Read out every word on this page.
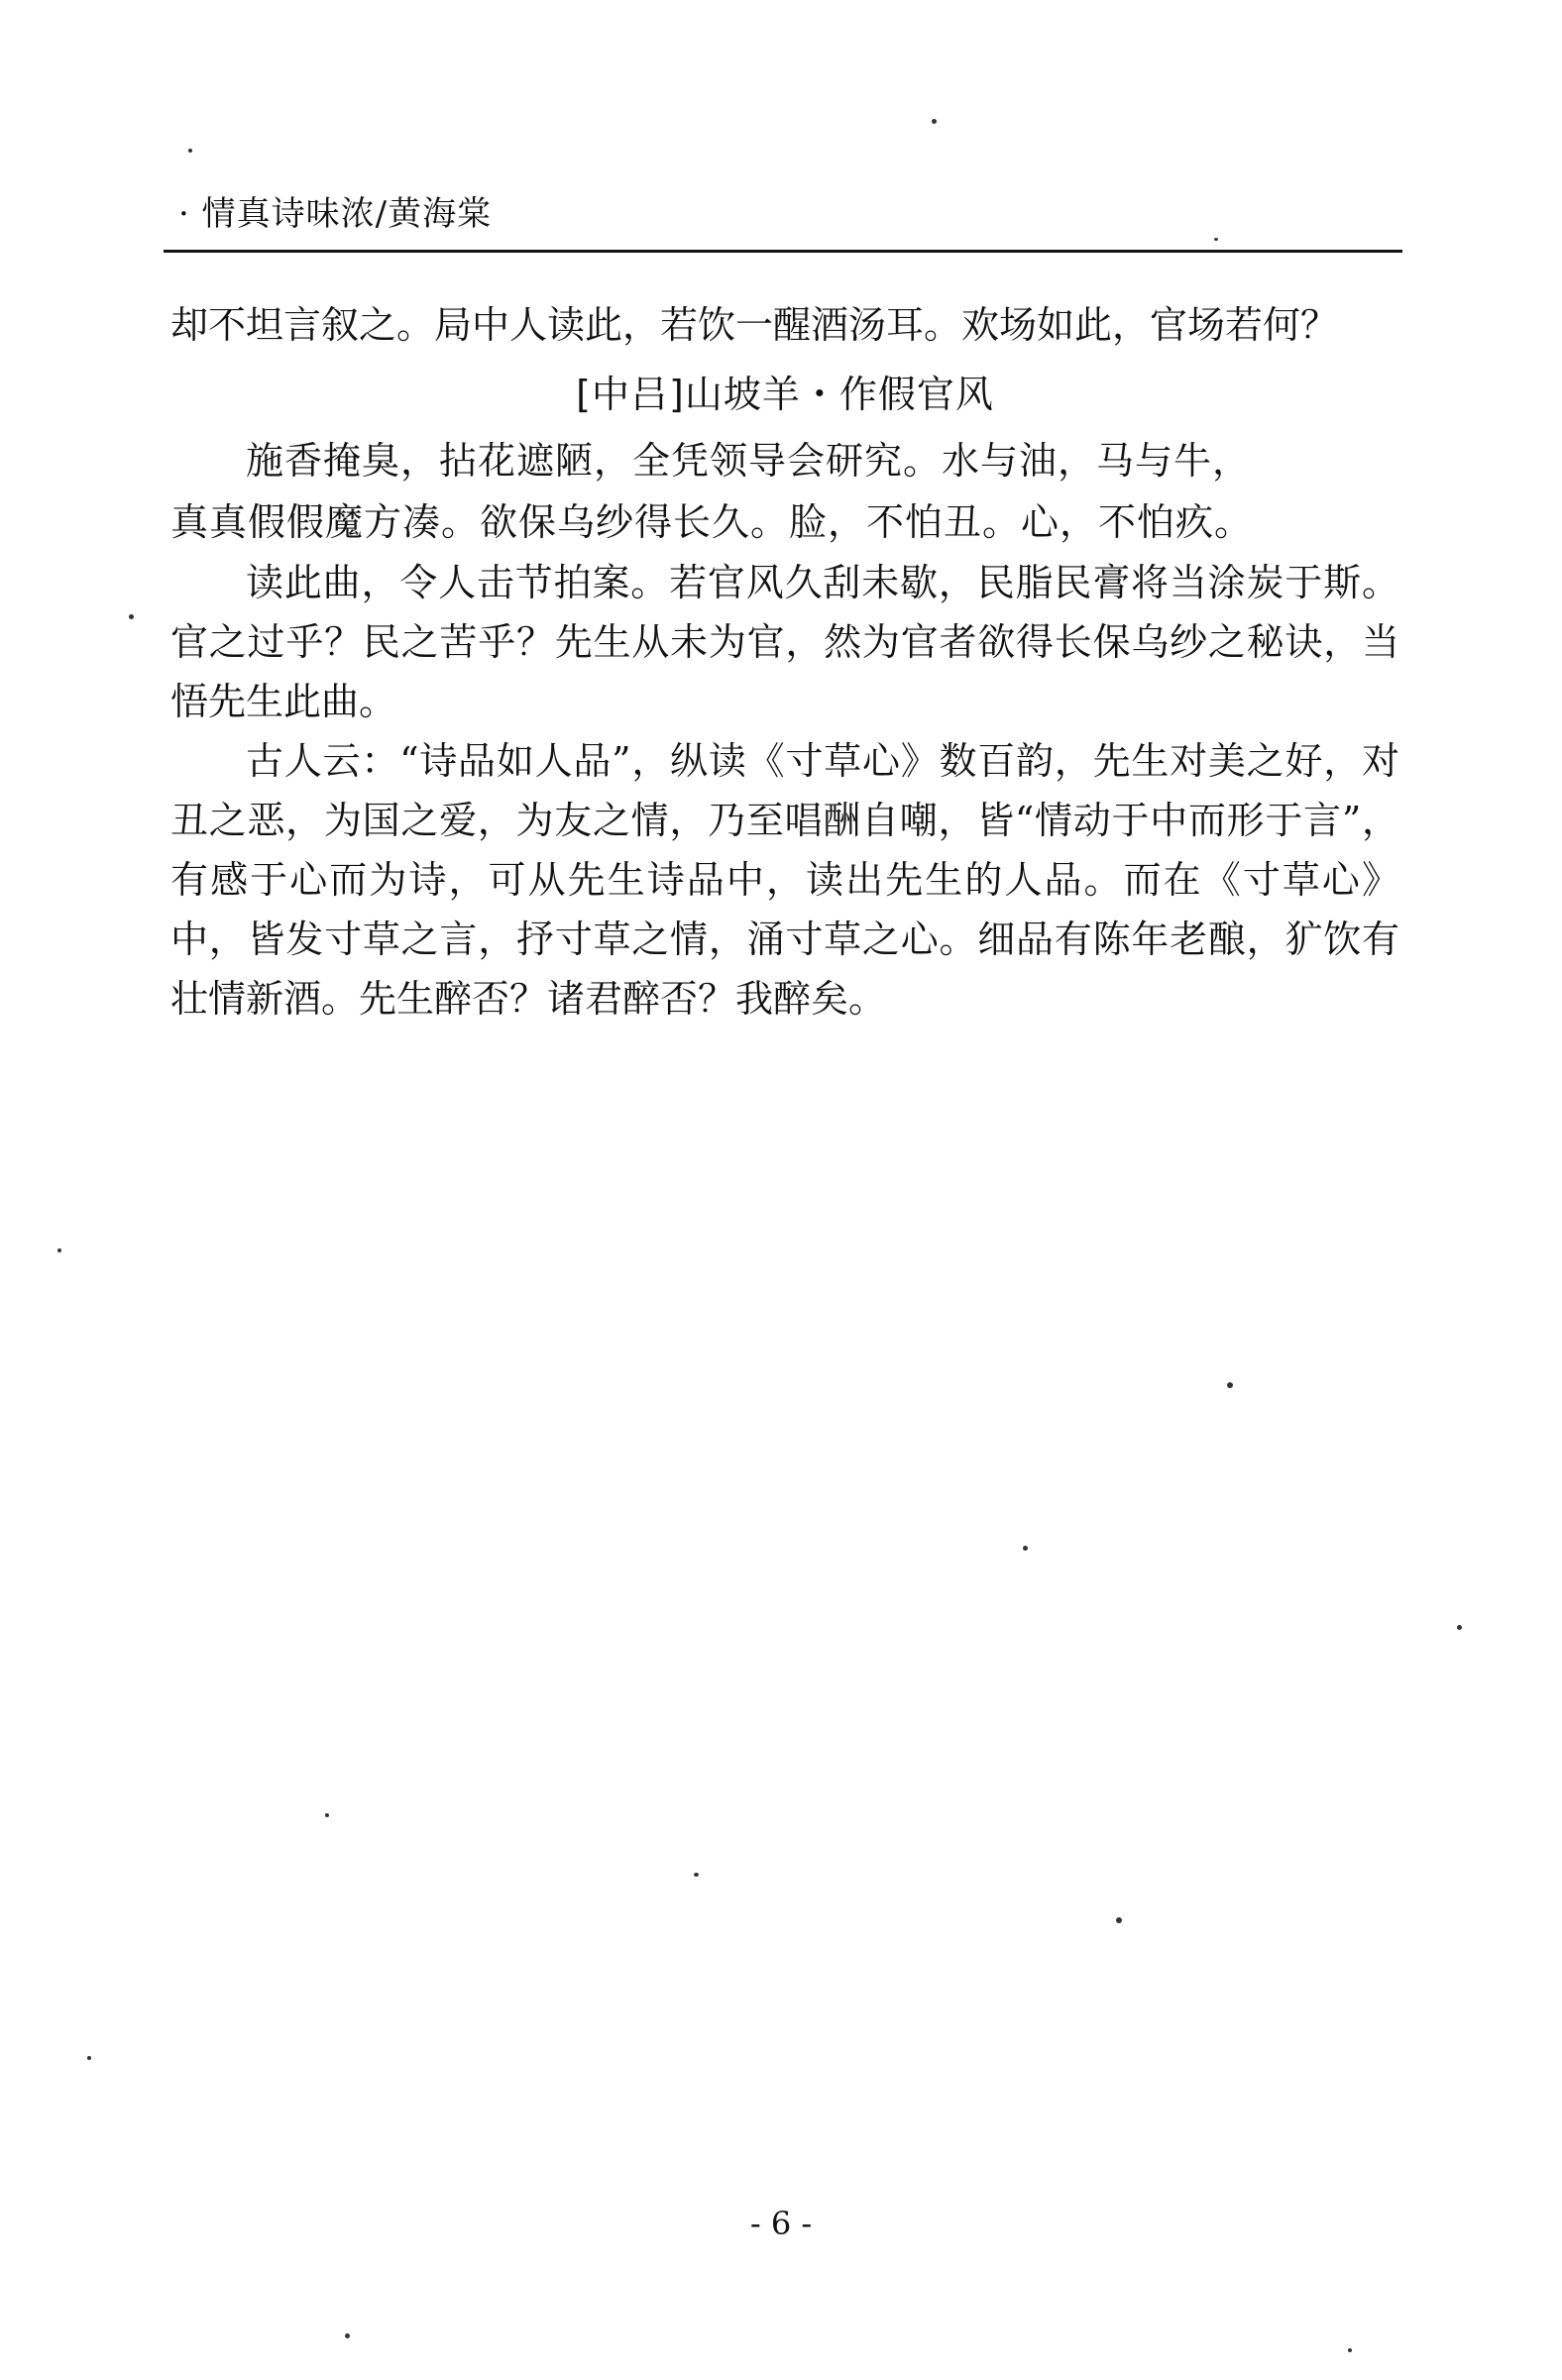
· 情真诗味浓/黄海棠

却不坦言叙之。局中人读此，若饮一醒酒汤耳。欢场如此，官场若何？

[中吕]山坡羊・作假官风

施香掩臭，拈花遮陋，全凭领导会研究。水与油，马与牛，

真真假假魔方凑。欲保乌纱得长久。脸，不怕丑。心，不怕疚。

读此曲，令人击节拍案。若官风久刮未歇，民脂民膏将当涂炭于斯。官之过乎？民之苦乎？先生从未为官，然为官者欲得长保乌纱之秘诀，当悟先生此曲。

古人云：“诗品如人品”，纵读《寸草心》数百韵，先生对美之好，对丑之恶，为国之爱，为友之情，乃至唱酬自嘲，皆“情动于中而形于言”，有感于心而为诗，可从先生诗品中，读出先生的人品。而在《寸草心》中，皆发寸草之言，抒寸草之情，涌寸草之心。细品有陈年老酿，犷饮有壮情新酒。先生醉否？诸君醉否？我醉矣。

- 6 -
